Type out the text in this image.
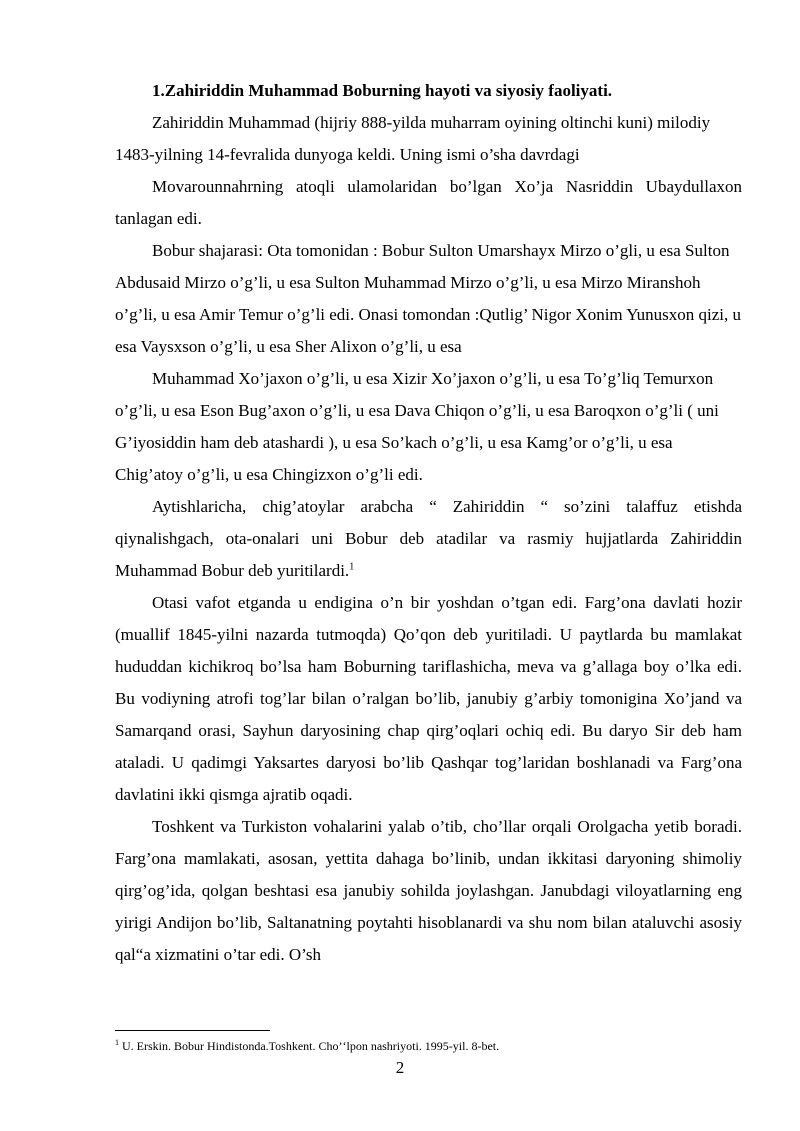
1.Zahiriddin Muhammad Boburning hayoti va siyosiy faoliyati.

Zahiriddin Muhammad (hijriy 888-yilda muharram oyining oltinchi kuni) milodiy 1483-yilning 14-fevralida dunyoga keldi. Uning ismi o’sha davrdagi

Movarounnahrning atoqli ulamolaridan bo’lgan Xo’ja Nasriddin Ubaydullaxon tanlagan edi.

Bobur shajarasi: Ota tomonidan : Bobur Sulton Umarshayx Mirzo o’gli, u esa Sulton Abdusaid Mirzo o’g’li, u esa Sulton Muhammad Mirzo o’g’li, u esa Mirzo Miranshoh o’g’li, u esa Amir Temur o’g’li edi. Onasi tomondan :Qutlig’ Nigor Xonim Yunusxon qizi, u esa Vaysxson o’g’li, u esa Sher Alixon o’g’li, u esa

Muhammad Xo’jaxon o’g’li, u esa Xizir Xo’jaxon o’g’li, u esa To’g’liq Temurxon o’g’li, u esa Eson Bug’axon o’g’li, u esa Dava Chiqon o’g’li, u esa Baroqxon o’g’li ( uni G’iyosiddin ham deb atashardi ), u esa So’kach o’g’li, u esa Kamg’or o’g’li, u esa Chig’atoy o’g’li, u esa Chingizxon o’g’li edi.

Aytishlaricha, chig’atoylar arabcha “ Zahiriddin “ so’zini talaffuz etishda qiynalishgach, ota-onalari uni Bobur deb atadilar va rasmiy hujjatlarda Zahiriddin Muhammad Bobur deb yuritilardi.$^1$

Otasi vafot etganda u endigina o’n bir yoshdan o’tgan edi. Farg’ona davlati hozir (muallif 1845-yilni nazarda tutmoqda) Qo’qon deb yuritiladi. U paytlarda bu mamlakat hududdan kichikroq bo’lsa ham Boburning tariflashicha, meva va g’allaga boy o’lka edi. Bu vodiyning atrofi tog’lar bilan o’ralgan bo’lib, janubiy g’arbiy tomonigina Xo’jand va Samarqand orasi, Sayhun daryosining chap qirg’oqlari ochiq edi. Bu daryo Sir deb ham ataladi. U qadimgi Yaksartes daryosi bo’lib Qashqar tog’laridan boshlanadi va Farg’ona davlatini ikki qismga ajratib oqadi.

Toshkent va Turkiston vohalarini yalab o’tib, cho’llar orqali Orolgacha yetib boradi. Farg’ona mamlakati, asosan, yettita dahaga bo’linib, undan ikkitasi daryoning shimoliy qirg’og’ida, qolgan beshtasi esa janubiy sohilda joylashgan. Janubdagi viloyatlarning eng yirigi Andijon bo’lib, Saltanatning poytahti hisoblanardi va shu nom bilan ataluvchi asosiy qal“a xizmatini o’tar edi. O’sh

$^1$ U. Erskin. Bobur Hindistonda.Toshkent. Cho’‘lpon nashriyoti. 1995-yil. 8-bet.
2
